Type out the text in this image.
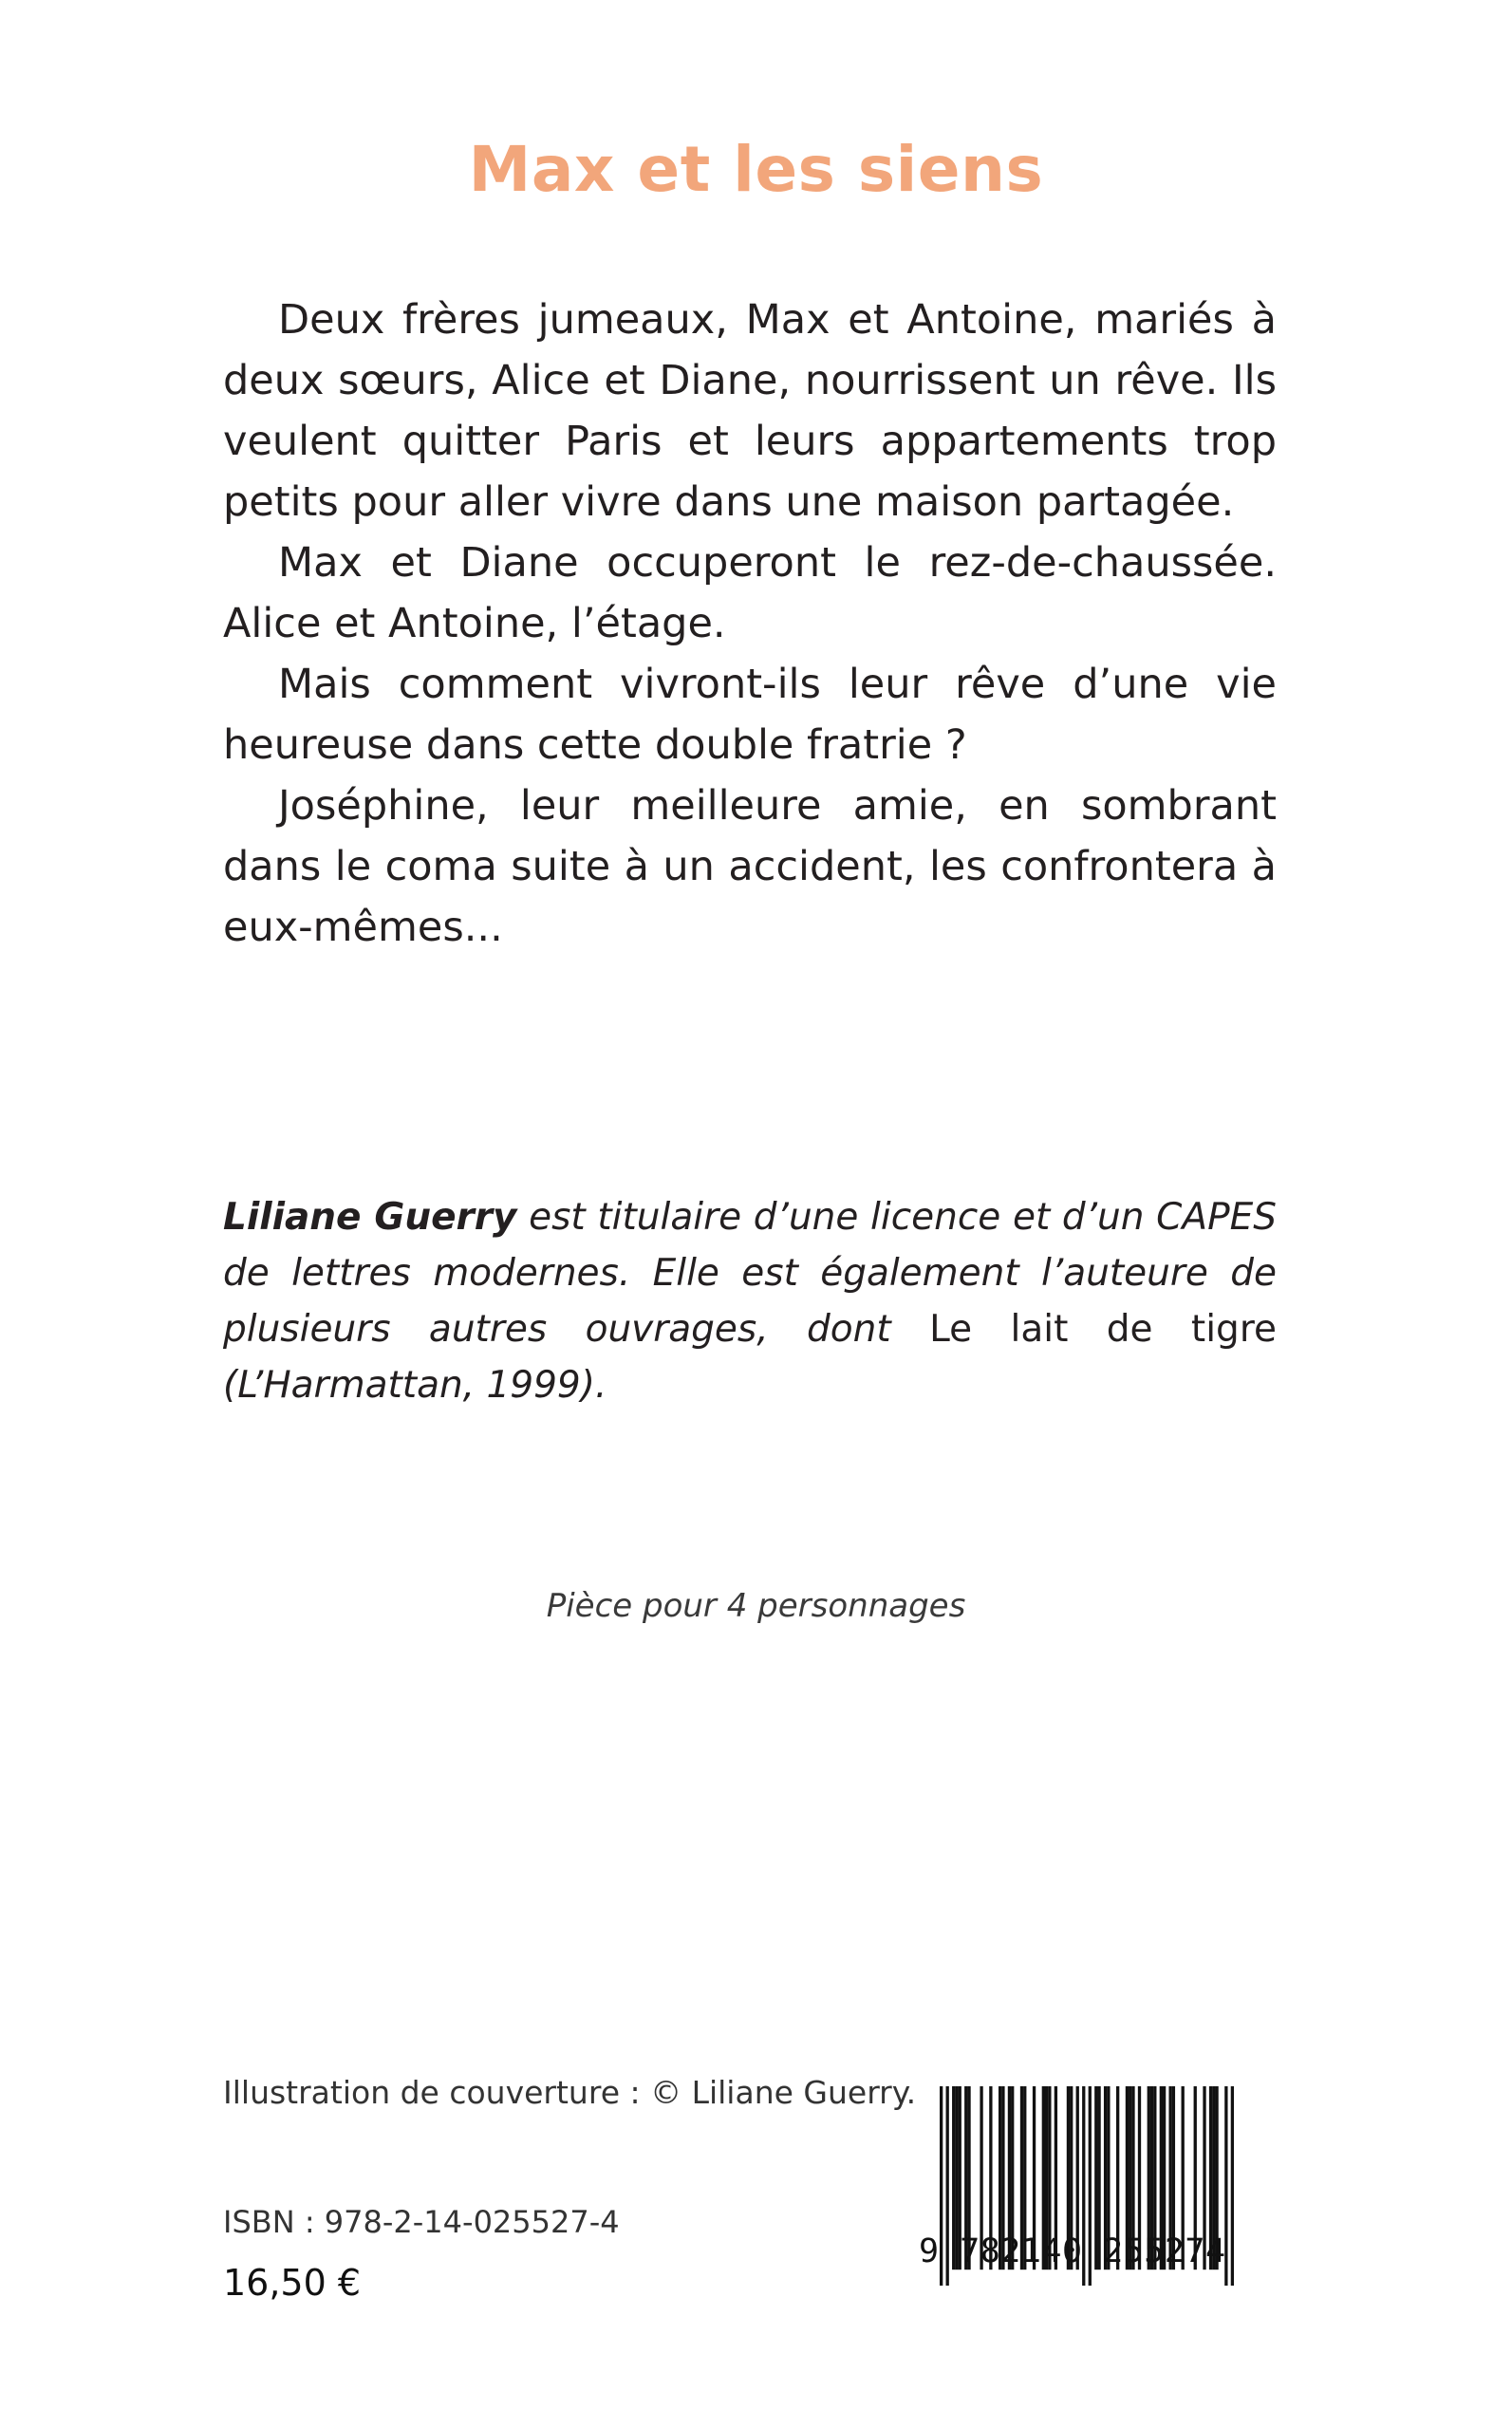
Max et les siens

Deux frères jumeaux, Max et Antoine, mariés à deux sœurs, Alice et Diane, nourrissent un rêve. Ils veulent quitter Paris et leurs appartements trop petits pour aller vivre dans une maison partagée.

Max et Diane occuperont le rez-de-chaussée. Alice et Antoine, l’étage.

Mais comment vivront-ils leur rêve d’une vie heureuse dans cette double fratrie ?

Joséphine, leur meilleure amie, en sombrant dans le coma suite à un accident, les confrontera à eux-mêmes...

Liliane Guerry est titulaire d’une licence et d’un CAPES de lettres modernes. Elle est également l’auteure de plusieurs autres ouvrages, dont Le lait de tigre (L’Harmattan, 1999).

Pièce pour 4 personnages

Illustration de couverture : © Liliane Guerry.

9 782140 255274

ISBN : 978-2-14-025527-4

16,50 €
